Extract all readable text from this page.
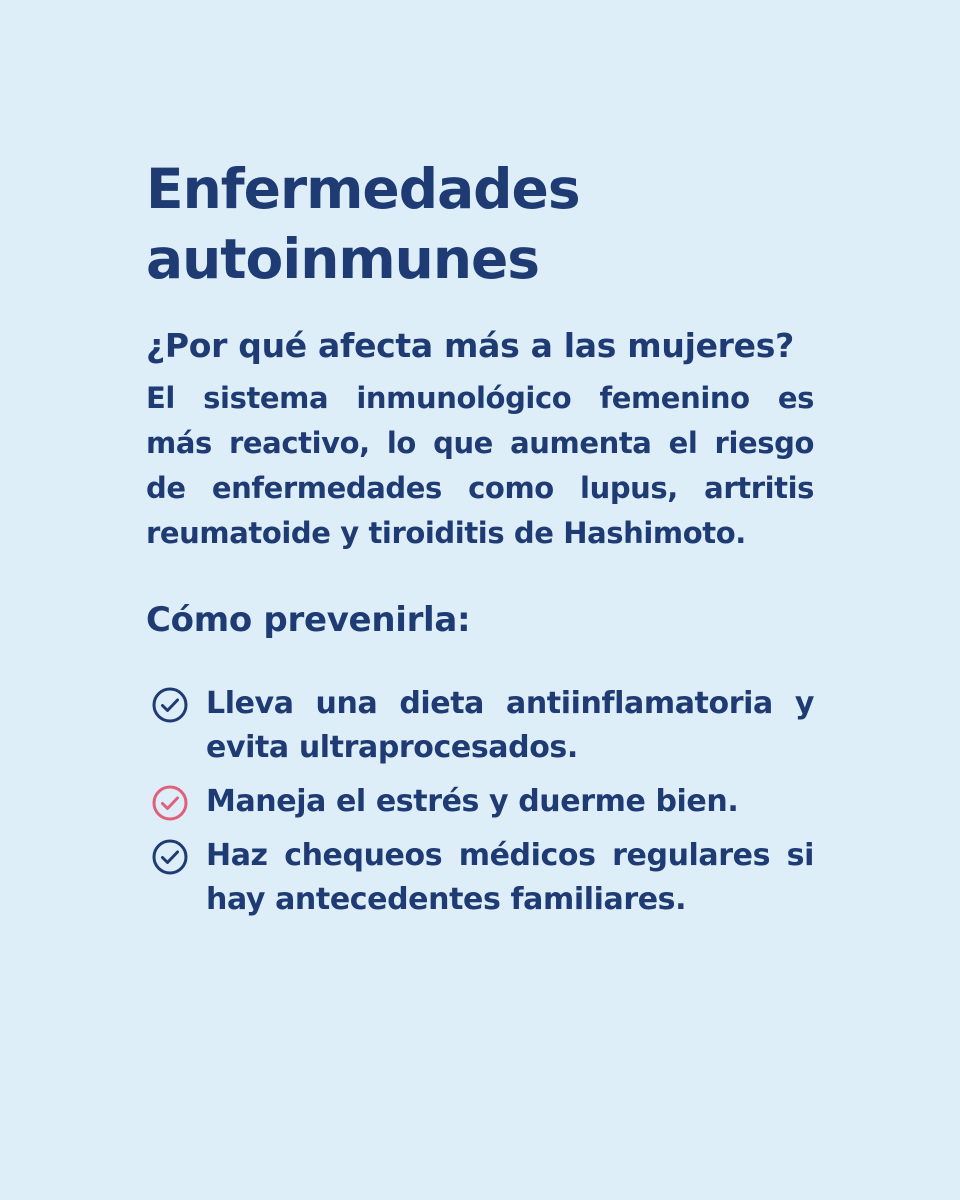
Enfermedades autoinmunes
¿Por qué afecta más a las mujeres?

El sistema inmunológico femenino es más reactivo, lo que aumenta el riesgo de enfermedades como lupus, artritis reumatoide y tiroiditis de Hashimoto.

Cómo prevenirla:
Lleva una dieta antiinflamatoria y evita ultraprocesados.
Maneja el estrés y duerme bien.
Haz chequeos médicos regulares si hay antecedentes familiares.
